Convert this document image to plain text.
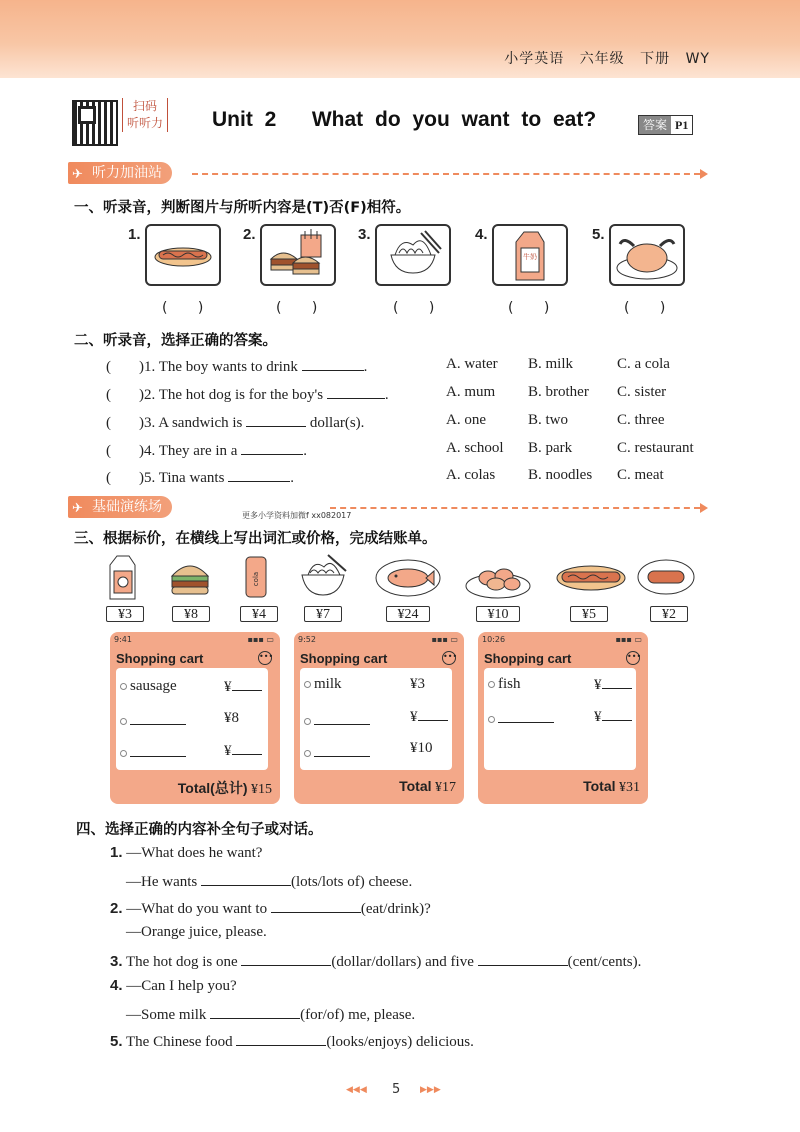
小学英语 六年级 下册 WY
扫码
听听力 Unit 2   What do you want to eat?	答案 P1
✈ 听力加油站
一、听录音，判断图片与所听内容是(T)否(F)相符。
1.	2.	3.	4.
牛奶
5.
( )	( )	( )	( )	( )
二、听录音，选择正确的答案。
( )1. The boy wants to drink	.
( )2. The hot dog is for the boy's	.
( )3. A sandwich is	dollar(s).
( )4. They are in a	.
( )5. Tina wants	.
A. water B. milk	C. a cola
A. mum B. brother C. sister
A. one	B. two	C. three
A. school B. park	C. restaurant
A. colas B. noodles C. meat
✈ 基础演练场
更多小学资料加微f xx082017
三、根据标价，在横线上写出词汇或价格，完成结账单。
cola
¥3	¥8	¥4	¥7	¥24	¥10	¥5	¥2
9:41	▪▪▪ ▭
Shopping cart	•••
sausage	¥
¥8
¥
Total(总计) ¥15
9:52	▪▪▪ ▭
Shopping cart	•••
milk	¥3
¥
¥10
Total ¥17
10:26	▪▪▪ ▭
Shopping cart	•••
fish	¥
¥
Total ¥31
四、选择正确的内容补全句子或对话。
1. —What does he want?
—He wants	(lots/lots of) cheese.
2. —What do you want to	(eat/drink)?
—Orange juice, please.
3. The hot dog is one	(dollar/dollars) and five	(cent/cents).
4. —Can I help you?
—Some milk	(for/of) me, please.
5. The Chinese food	(looks/enjoys) delicious.
◀◀◀ 5 ▶▶▶
